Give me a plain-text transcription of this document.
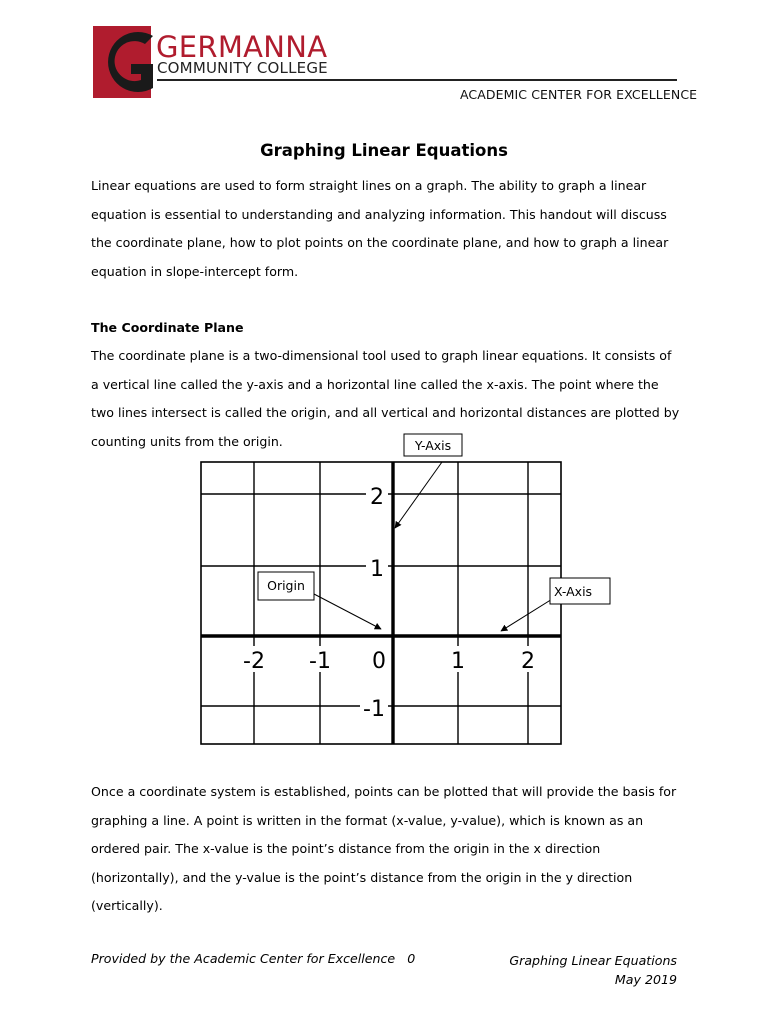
GERMANNA
COMMUNITY COLLEGE
ACADEMIC CENTER FOR EXCELLENCE
Graphing Linear Equations
Linear equations are used to form straight lines on a graph. The ability to graph a linear equation is essential to understanding and analyzing information. This handout will discuss the coordinate plane, how to plot points on the coordinate plane, and how to graph a linear equation in slope-intercept form.
The Coordinate Plane
The coordinate plane is a two-dimensional tool used to graph linear equations. It consists of a vertical line called the y-axis and a horizontal line called the x-axis. The point where the two lines intersect is called the origin, and all vertical and horizontal distances are plotted by counting units from the origin.
-2 -1 0	1	2
2
1
-1
Y-Axis
Origin	X-Axis
Once a coordinate system is established, points can be plotted that will provide the basis for graphing a line. A point is written in the format (x-value, y-value), which is known as an ordered pair. The x-value is the point’s distance from the origin in the x direction (horizontally), and the y-value is the point’s distance from the origin in the y direction (vertically).
Provided by the Academic Center for Excellence 0	Graphing Linear Equations
May 2019
